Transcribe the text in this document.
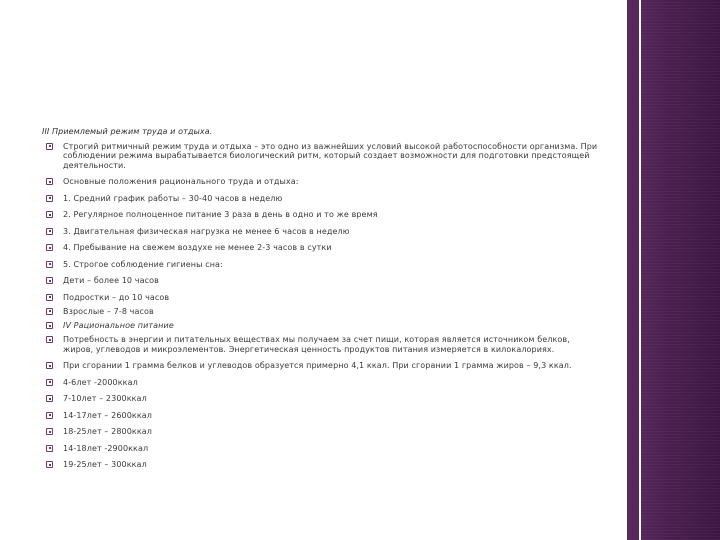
III Приемлемый режим труда и отдыха.
Строгий ритмичный режим труда и отдыха – это одно из важнейших условий высокой работоспособности организма. При соблюдении режима вырабатывается биологический ритм, который создает возможности для подготовки предстоящей деятельности.
Основные положения рационального труда и отдыха:
1. Средний график работы – 30-40 часов в неделю
2. Регулярное полноценное питание 3 раза в день в одно и то же время
3. Двигательная физическая нагрузка не менее 6 часов в неделю
4. Пребывание на свежем воздухе не менее 2-3 часов в сутки
5. Строгое соблюдение гигиены сна:
Дети – более 10 часов
Подростки – до 10 часов
Взрослые – 7-8 часов
IV Рациональное питание
Потребность в энергии и питательных веществах мы получаем за счет пищи, которая является источником белков, жиров, углеводов и микроэлементов. Энергетическая ценность продуктов питания измеряется в килокалориях.
При сгорании 1 грамма белков и углеводов образуется примерно 4,1 ккал. При сгорании 1 грамма жиров – 9,3 ккал.
4-6лет -2000ккал
7-10лет – 2300ккал
14-17лет – 2600ккал
18-25лет – 2800ккал
14-18лет -2900ккал
19-25лет – 300ккал
